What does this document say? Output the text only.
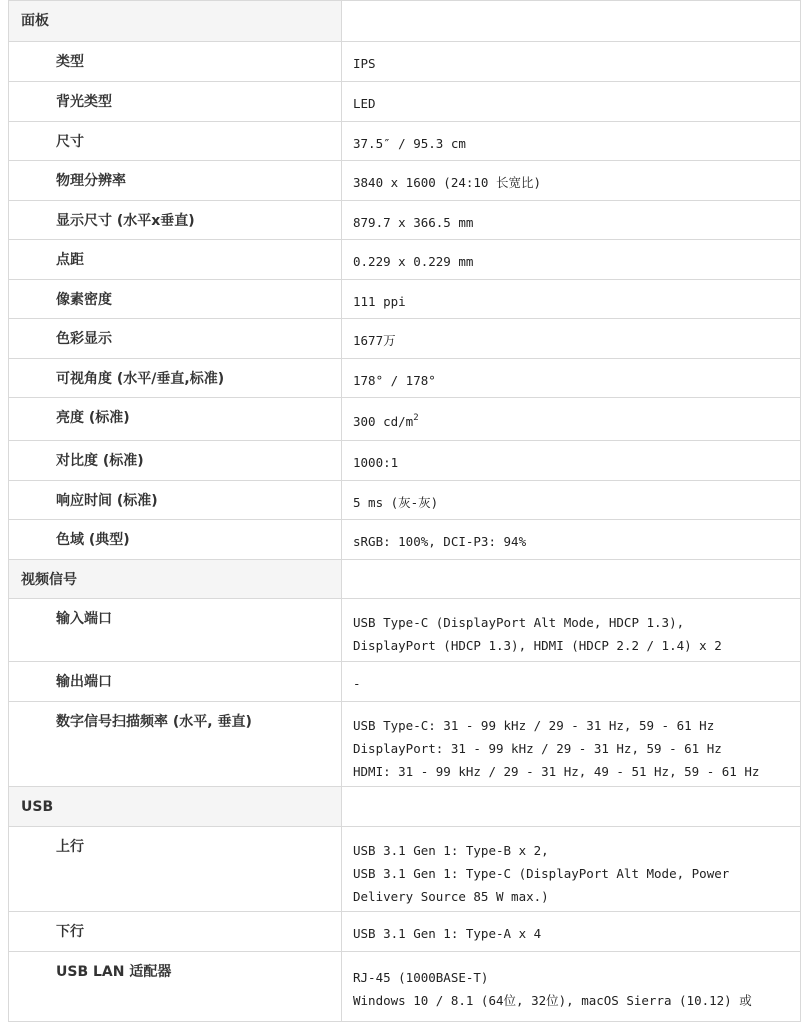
面板	

类型	IPS

背光类型	LED

尺寸	37.5″ / 95.3 cm

物理分辨率	3840 x 1600 (24:10 长宽比)

显示尺寸 (水平x垂直)	879.7 x 366.5 mm

点距	0.229 x 0.229 mm

像素密度	111 ppi

色彩显示	1677万

可视角度 (水平/垂直,标准)	178° / 178°

亮度 (标准)	300 $cd/m^2$

对比度 (标准)	1000:1

响应时间 (标准)	5 ms (灰-灰)

色域 (典型)	sRGB: 100%, DCI-P3: 94%

视频信号	

输入端口	USB Type-C (DisplayPort Alt Mode, HDCP 1.3),
DisplayPort (HDCP 1.3), HDMI (HDCP 2.2 / 1.4) x 2

输出端口	-

数字信号扫描频率 (水平, 垂直)	USB Type-C: 31 - 99 kHz / 29 - 31 Hz, 59 - 61 Hz
DisplayPort: 31 - 99 kHz / 29 - 31 Hz, 59 - 61 Hz
HDMI: 31 - 99 kHz / 29 - 31 Hz, 49 - 51 Hz, 59 - 61 Hz

USB	

上行	USB 3.1 Gen 1: Type-B x 2,
USB 3.1 Gen 1: Type-C (DisplayPort Alt Mode, Power
Delivery Source 85 W max.)

下行	USB 3.1 Gen 1: Type-A x 4

USB LAN 适配器	RJ-45 (1000BASE-T)
Windows 10 / 8.1 (64位, 32位), macOS Sierra (10.12) 或
